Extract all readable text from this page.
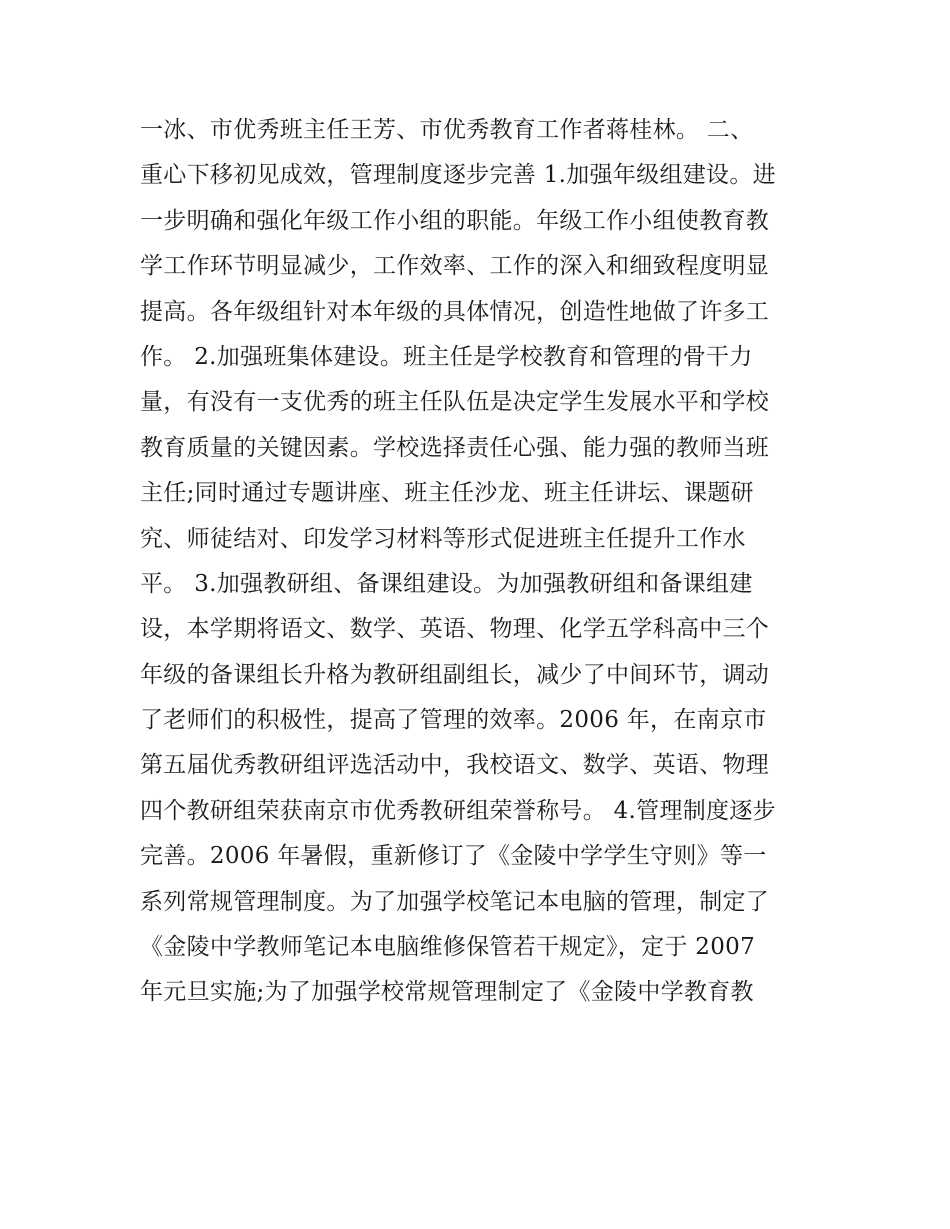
一冰、市优秀班主任王芳、市优秀教育工作者蒋桂林。 二、
重心下移初见成效，管理制度逐步完善 1.加强年级组建设。进
一步明确和强化年级工作小组的职能。年级工作小组使教育教
学工作环节明显减少，工作效率、工作的深入和细致程度明显
提高。各年级组针对本年级的具体情况，创造性地做了许多工
作。 2.加强班集体建设。班主任是学校教育和管理的骨干力
量，有没有一支优秀的班主任队伍是决定学生发展水平和学校
教育质量的关键因素。学校选择责任心强、能力强的教师当班
主任;同时通过专题讲座、班主任沙龙、班主任讲坛、课题研
究、师徒结对、印发学习材料等形式促进班主任提升工作水
平。 3.加强教研组、备课组建设。为加强教研组和备课组建
设，本学期将语文、数学、英语、物理、化学五学科高中三个
年级的备课组长升格为教研组副组长，减少了中间环节，调动
了老师们的积极性，提高了管理的效率。2006 年，在南京市
第五届优秀教研组评选活动中，我校语文、数学、英语、物理
四个教研组荣获南京市优秀教研组荣誉称号。 4.管理制度逐步
完善。2006 年暑假，重新修订了《金陵中学学生守则》等一
系列常规管理制度。为了加强学校笔记本电脑的管理，制定了
《金陵中学教师笔记本电脑维修保管若干规定》，定于 2007
年元旦实施;为了加强学校常规管理制定了《金陵中学教育教
